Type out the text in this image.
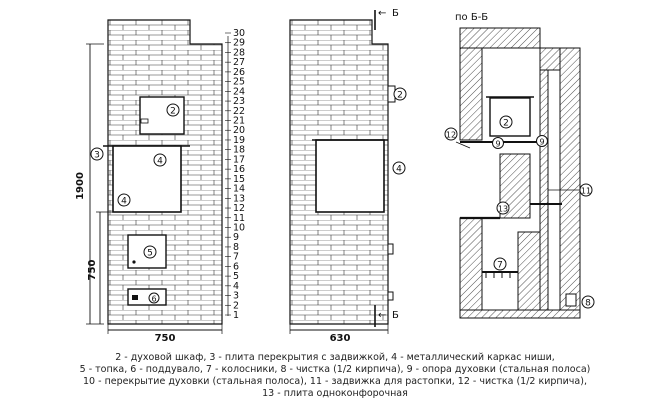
1900
750
750
1
2
3
4
5
6
7
8
9
10
11
12
13
14
15
16
17
18
19
20
21
22
23
24
25
26
27
28
29
30
2
3
4
4
5
6
← Б
← Б
630
2
4
по Б-Б
2
9	9
12
13
7
11
8
2 - духовой шкаф, 3 - плита перекрытия с задвижкой, 4 - металлический каркас ниши,
5 - топка, 6 - поддувало, 7 - колосники, 8 - чистка (1/2 кирпича), 9 - опора духовки (стальная полоса)
10 - перекрытие духовки (стальная полоса), 11 - задвижка для растопки, 12 - чистка (1/2 кирпича),
13 - плита одноконфорочная
